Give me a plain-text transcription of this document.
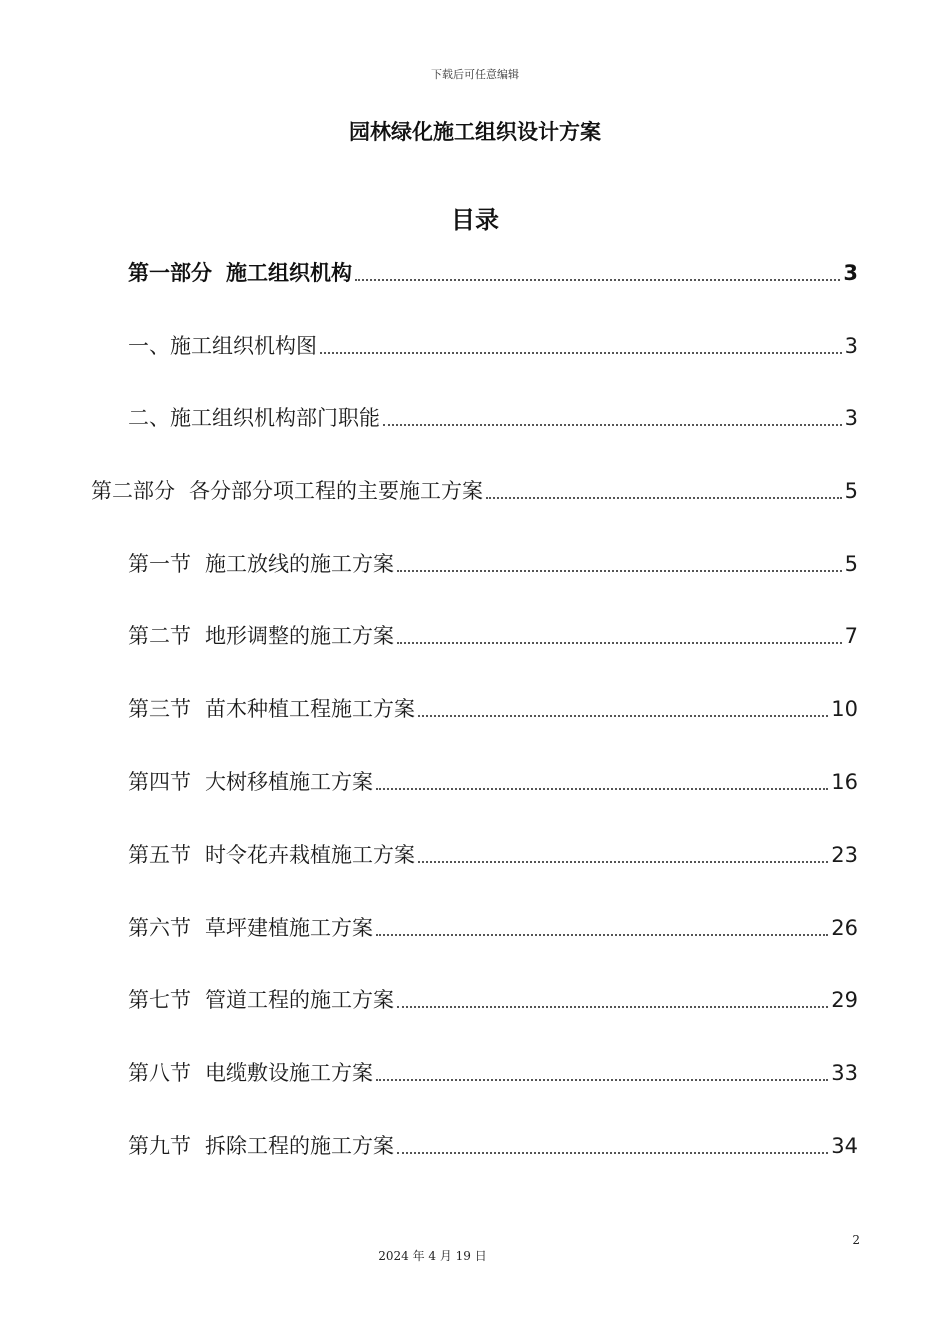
下载后可任意编辑
园林绿化施工组织设计方案
目录
第一部分 施工组织机构	3
一、施工组织机构图	3
二、施工组织机构部门职能	3
第二部分 各分部分项工程的主要施工方案	5
第一节 施工放线的施工方案	5
第二节 地形调整的施工方案	7
第三节 苗木种植工程施工方案	10
第四节 大树移植施工方案	16
第五节 时令花卉栽植施工方案	23
第六节 草坪建植施工方案	26
第七节 管道工程的施工方案	29
第八节 电缆敷设施工方案	33
第九节 拆除工程的施工方案	34
2
2024 年 4 月 19 日
